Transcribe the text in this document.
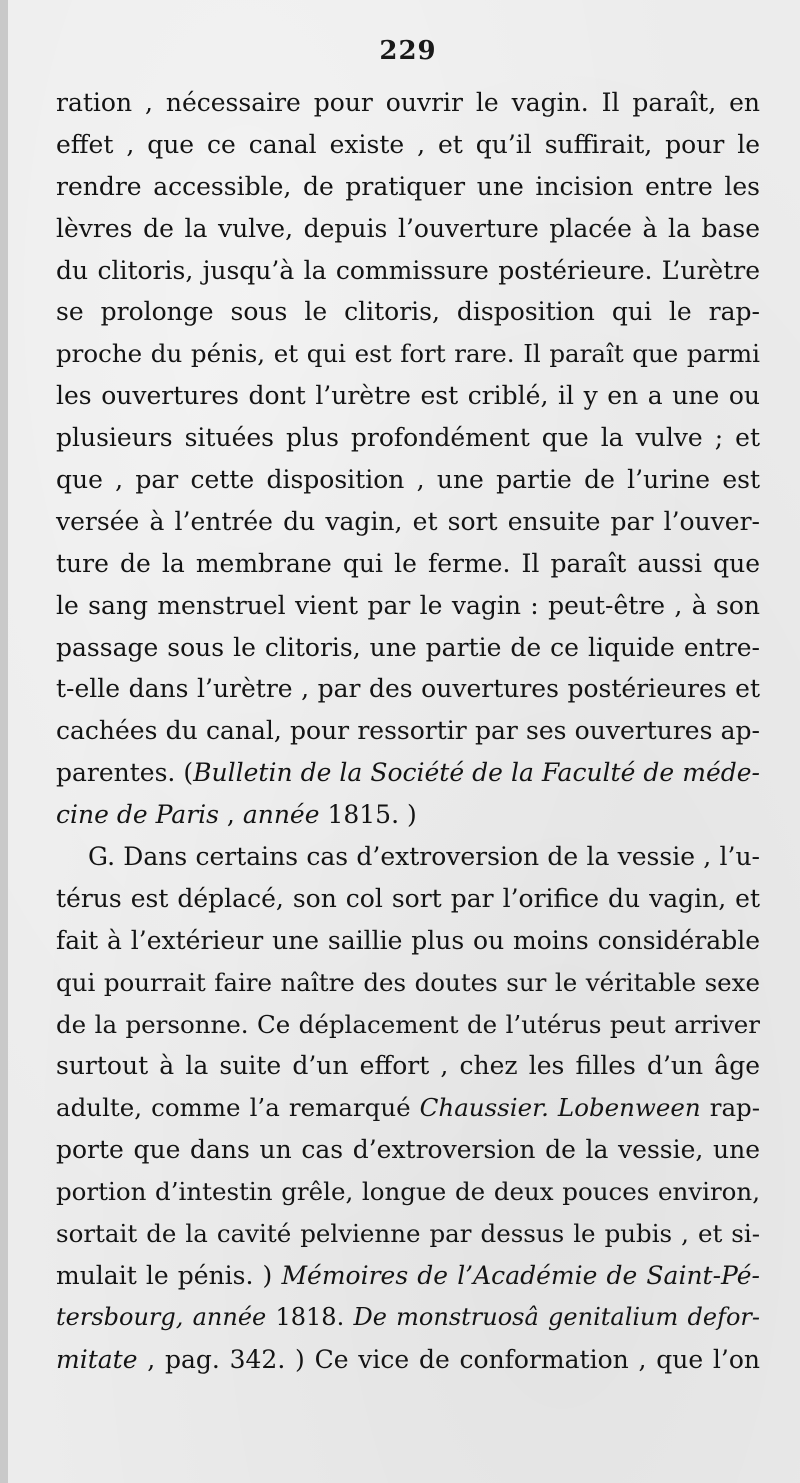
229
ration , nécessaire pour ouvrir le vagin. Il paraît, en
effet , que ce canal existe , et qu’il suffirait, pour le
rendre accessible, de pratiquer une incision entre les
lèvres de la vulve, depuis l’ouverture placée à la base
du clitoris, jusqu’à la commissure postérieure. L’urètre
se prolonge sous le clitoris, disposition qui le rap-
proche du pénis, et qui est fort rare. Il paraît que parmi
les ouvertures dont l’urètre est criblé, il y en a une ou
plusieurs situées plus profondément que la vulve ; et
que , par cette disposition , une partie de l’urine est
versée à l’entrée du vagin, et sort ensuite par l’ouver-
ture de la membrane qui le ferme. Il paraît aussi que
le sang menstruel vient par le vagin : peut-être , à son
passage sous le clitoris, une partie de ce liquide entre-
t-elle dans l’urètre , par des ouvertures postérieures et
cachées du canal, pour ressortir par ses ouvertures ap-
parentes. (Bulletin de la Société de la Faculté de méde-
cine de Paris , année 1815. )
G. Dans certains cas d’extroversion de la vessie , l’u-
térus est déplacé, son col sort par l’orifice du vagin, et
fait à l’extérieur une saillie plus ou moins considérable
qui pourrait faire naître des doutes sur le véritable sexe
de la personne. Ce déplacement de l’utérus peut arriver
surtout à la suite d’un effort , chez les filles d’un âge
adulte, comme l’a remarqué Chaussier. Lobenween rap-
porte que dans un cas d’extroversion de la vessie, une
portion d’intestin grêle, longue de deux pouces environ,
sortait de la cavité pelvienne par dessus le pubis , et si-
mulait le pénis. ) Mémoires de l’Académie de Saint-Pé-
tersbourg, année 1818. De monstruosâ genitalium defor-
mitate , pag. 342. ) Ce vice de conformation , que l’on
